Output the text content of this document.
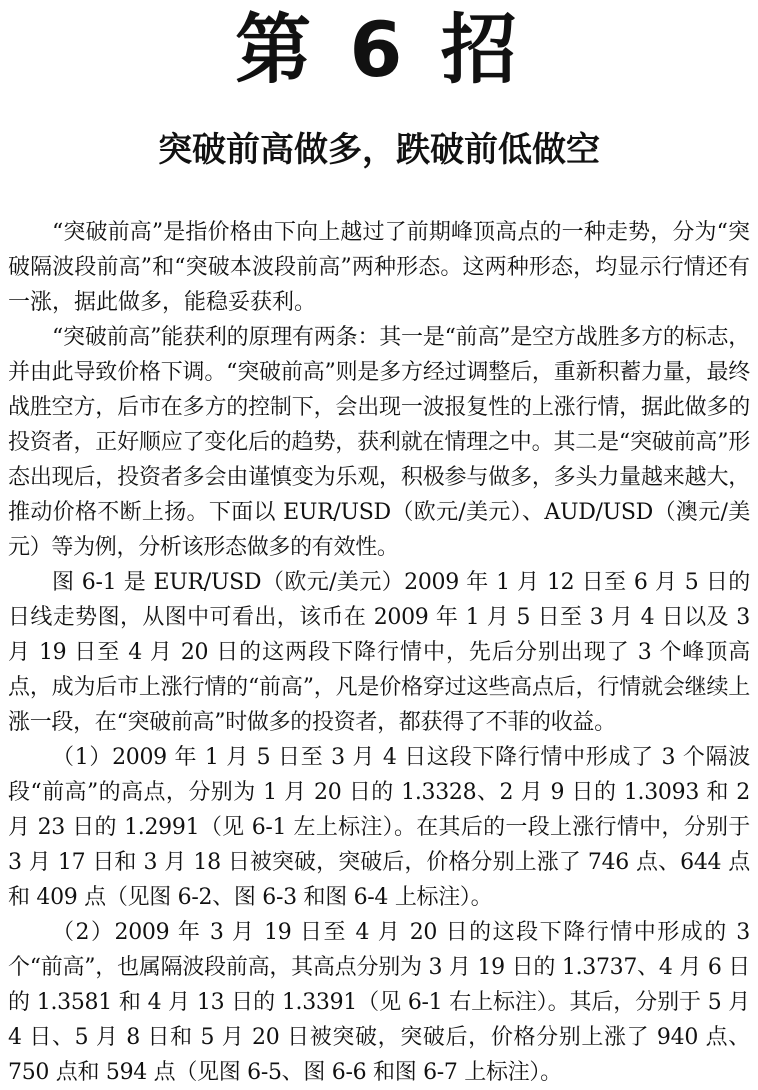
第 6 招
突破前高做多，跌破前低做空

“突破前高”是指价格由下向上越过了前期峰顶高点的一种走势，分为“突破隔波段前高”和“突破本波段前高”两种形态。这两种形态，均显示行情还有一涨，据此做多，能稳妥获利。

“突破前高”能获利的原理有两条：其一是“前高”是空方战胜多方的标志，并由此导致价格下调。“突破前高”则是多方经过调整后，重新积蓄力量，最终战胜空方，后市在多方的控制下，会出现一波报复性的上涨行情，据此做多的投资者，正好顺应了变化后的趋势，获利就在情理之中。其二是“突破前高”形态出现后，投资者多会由谨慎变为乐观，积极参与做多，多头力量越来越大，推动价格不断上扬。下面以 EUR/USD（欧元/美元）、AUD/USD（澳元/美元）等为例，分析该形态做多的有效性。

图 6-1 是 EUR/USD（欧元/美元）2009 年 1 月 12 日至 6 月 5 日的日线走势图，从图中可看出，该币在 2009 年 1 月 5 日至 3 月 4 日以及 3 月 19 日至 4 月 20 日的这两段下降行情中，先后分别出现了 3 个峰顶高点，成为后市上涨行情的“前高”，凡是价格穿过这些高点后，行情就会继续上涨一段，在“突破前高”时做多的投资者，都获得了不菲的收益。

（1）2009 年 1 月 5 日至 3 月 4 日这段下降行情中形成了 3 个隔波段“前高”的高点，分别为 1 月 20 日的 1.3328、2 月 9 日的 1.3093 和 2 月 23 日的 1.2991（见 6-1 左上标注）。在其后的一段上涨行情中，分别于 3 月 17 日和 3 月 18 日被突破，突破后，价格分别上涨了 746 点、644 点和 409 点（见图 6-2、图 6-3 和图 6-4 上标注）。

（2）2009 年 3 月 19 日至 4 月 20 日的这段下降行情中形成的 3 个“前高”，也属隔波段前高，其高点分别为 3 月 19 日的 1.3737、4 月 6 日的 1.3581 和 4 月 13 日的 1.3391（见 6-1 右上标注）。其后，分别于 5 月 4 日、5 月 8 日和 5 月 20 日被突破，突破后，价格分别上涨了 940 点、750 点和 594 点（见图 6-5、图 6-6 和图 6-7 上标注）。
